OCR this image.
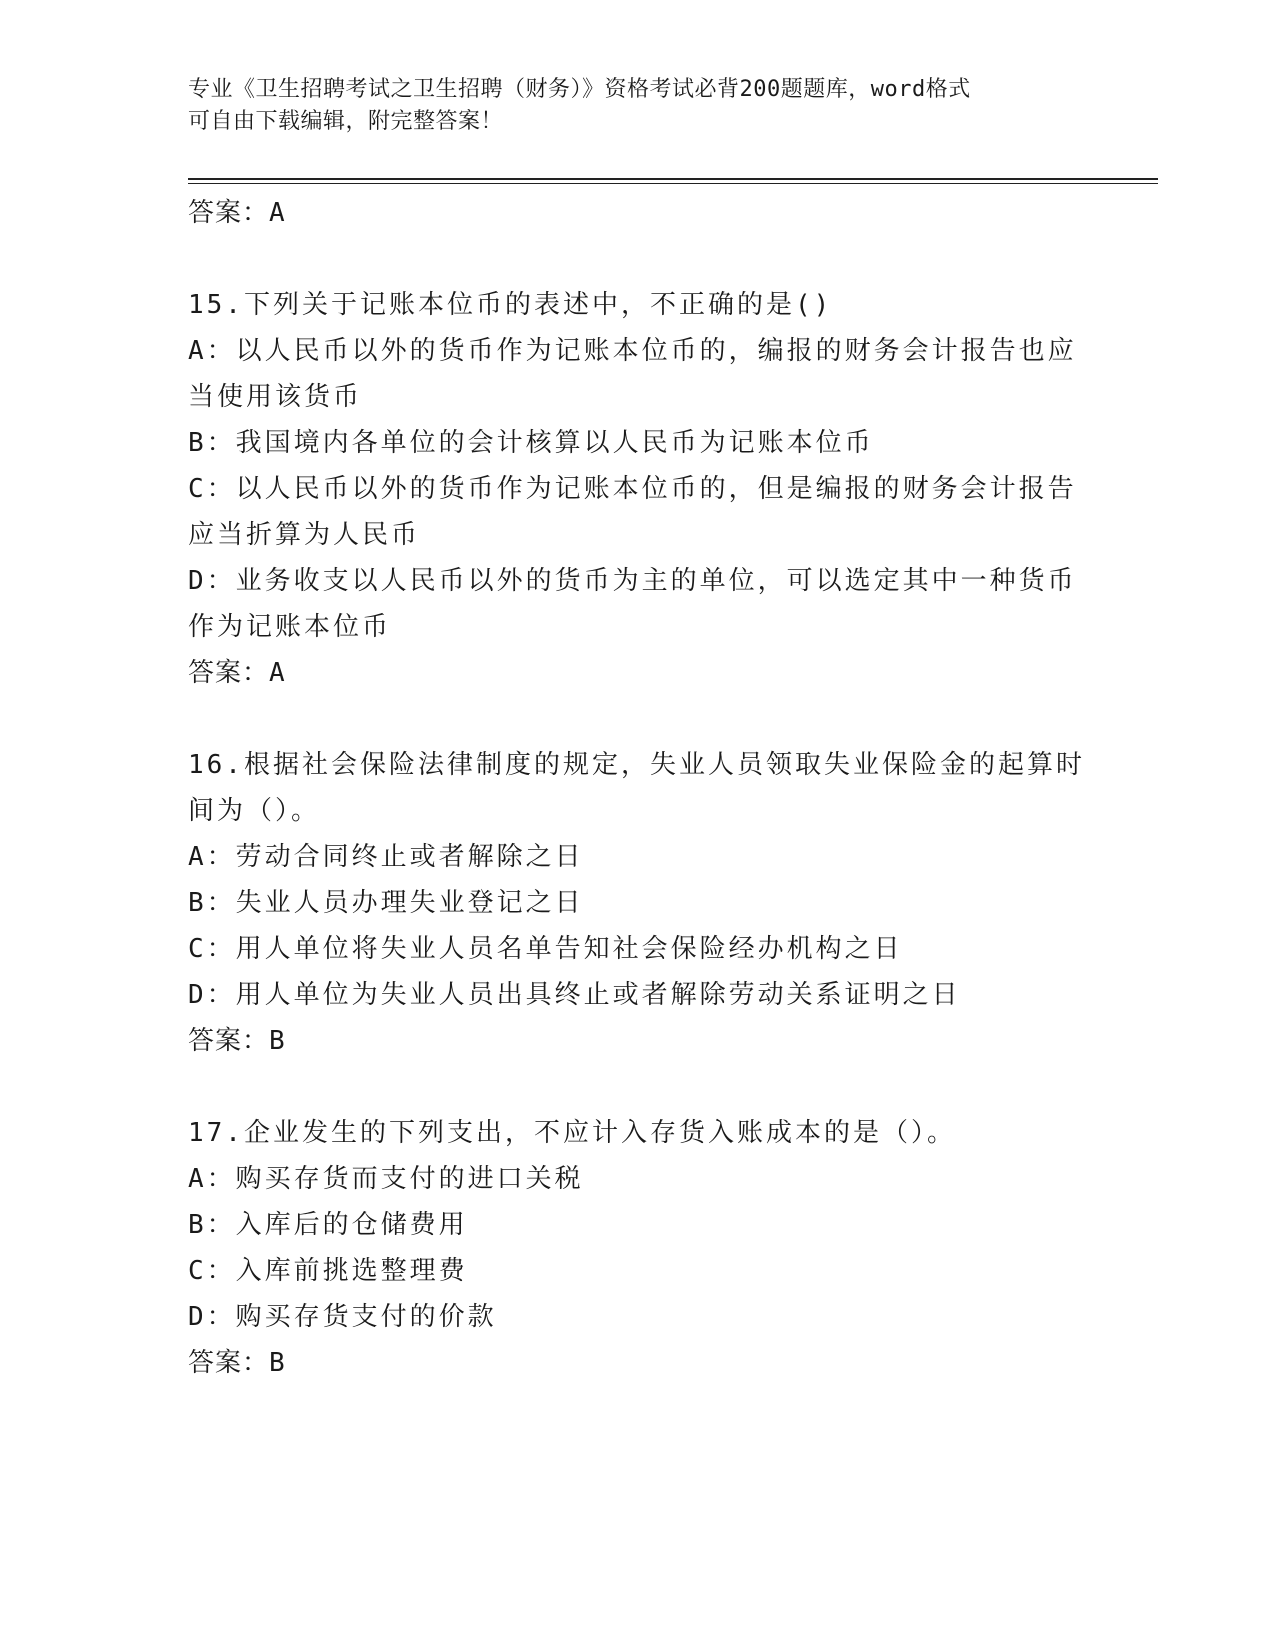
专业《卫生招聘考试之卫生招聘（财务）》资格考试必背200题题库，word格式
可自由下载编辑，附完整答案！
答案：A
15.下列关于记账本位币的表述中，不正确的是()
A：以人民币以外的货币作为记账本位币的，编报的财务会计报告也应
当使用该货币
B：我国境内各单位的会计核算以人民币为记账本位币
C：以人民币以外的货币作为记账本位币的，但是编报的财务会计报告
应当折算为人民币
D：业务收支以人民币以外的货币为主的单位，可以选定其中一种货币
作为记账本位币
答案：A
16.根据社会保险法律制度的规定，失业人员领取失业保险金的起算时
间为（）。
A：劳动合同终止或者解除之日
B：失业人员办理失业登记之日
C：用人单位将失业人员名单告知社会保险经办机构之日
D：用人单位为失业人员出具终止或者解除劳动关系证明之日
答案：B
17.企业发生的下列支出，不应计入存货入账成本的是（）。
A：购买存货而支付的进口关税
B：入库后的仓储费用
C：入库前挑选整理费
D：购买存货支付的价款
答案：B
